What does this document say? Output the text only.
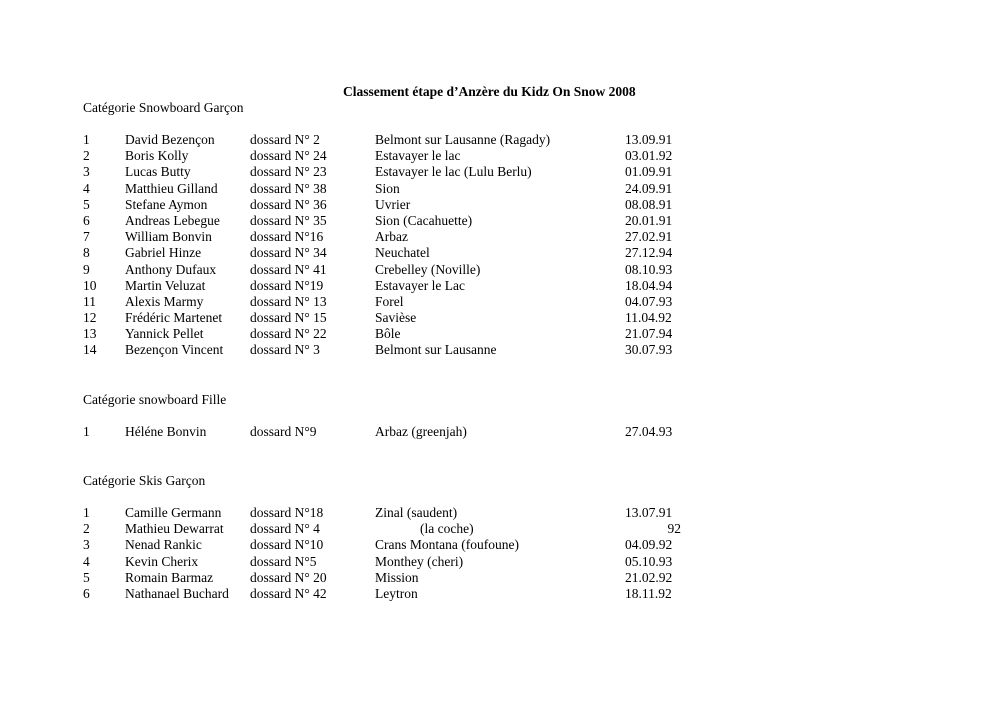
Classement étape d’Anzère du Kidz On Snow 2008
Catégorie Snowboard Garçon
1	David Bezençon	dossard N° 2	Belmont sur Lausanne (Ragady)	13.09.91
2	Boris Kolly	dossard N° 24	Estavayer le lac	03.01.92
3	Lucas Butty	dossard N° 23	Estavayer le lac (Lulu Berlu)	01.09.91
4	Matthieu Gilland dossard N° 38	Sion	24.09.91
5	Stefane Aymon	dossard N° 36	Uvrier	08.08.91
6	Andreas Lebegue dossard N° 35	Sion (Cacahuette)	20.01.91
7	William Bonvin	dossard N°16	Arbaz	27.02.91
8	Gabriel Hinze	dossard N° 34	Neuchatel	27.12.94
9	Anthony Dufaux	dossard N° 41	Crebelley (Noville)	08.10.93
10 Martin Veluzat	dossard N°19	Estavayer le Lac	18.04.94
11 Alexis Marmy	dossard N° 13	Forel	04.07.93
12 Frédéric Martenet dossard N° 15	Savièse	11.04.92
13 Yannick Pellet	dossard N° 22	Bôle	21.07.94
14 Bezençon Vincent dossard N° 3	Belmont sur Lausanne	30.07.93
Catégorie snowboard Fille
1	Héléne Bonvin	dossard N°9	Arbaz (greenjah)	27.04.93
Catégorie Skis Garçon
1	Camille Germann dossard N°18	Zinal (saudent)	13.07.91
2	Mathieu Dewarrat dossard N° 4	(la coche)	92
3	Nenad Rankic	dossard N°10	Crans Montana (foufoune)	04.09.92
4	Kevin Cherix	dossard N°5	Monthey (cheri)	05.10.93
5	Romain Barmaz	dossard N° 20	Mission	21.02.92
6	Nathanael Buchard dossard N° 42	Leytron	18.11.92
